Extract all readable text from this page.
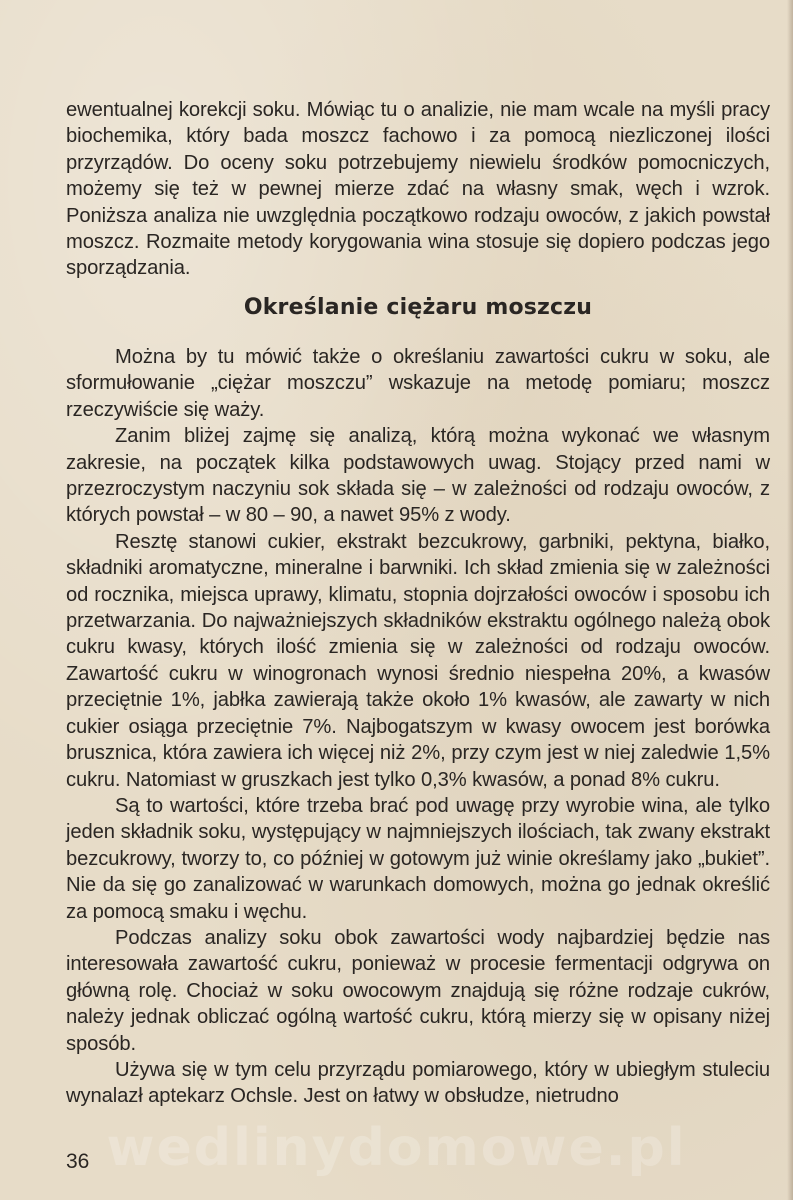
ewentualnej korekcji soku. Mówiąc tu o analizie, nie mam wcale na myśli pracy biochemika, który bada moszcz fachowo i za pomocą niezliczonej ilości przyrządów. Do oceny soku potrzebujemy niewielu środków pomocniczych, możemy się też w pewnej mierze zdać na własny smak, węch i wzrok. Poniższa analiza nie uwzględnia początkowo rodzaju owoców, z jakich powstał moszcz. Rozmaite metody korygowania wina stosuje się dopiero podczas jego sporządzania.

Określanie ciężaru moszczu

Można by tu mówić także o określaniu zawartości cukru w soku, ale sformułowanie „ciężar moszczu” wskazuje na metodę pomiaru; moszcz rzeczywiście się waży.

Zanim bliżej zajmę się analizą, którą można wykonać we własnym zakresie, na początek kilka podstawowych uwag. Stojący przed nami w przezroczystym naczyniu sok składa się – w zależności od rodzaju owoców, z których powstał – w 80 – 90, a nawet 95% z wody.

Resztę stanowi cukier, ekstrakt bezcukrowy, garbniki, pektyna, białko, składniki aromatyczne, mineralne i barwniki. Ich skład zmienia się w zależności od rocznika, miejsca uprawy, klimatu, stopnia dojrzałości owoców i sposobu ich przetwarzania. Do najważniejszych składników ekstraktu ogólnego należą obok cukru kwasy, których ilość zmienia się w zależności od rodzaju owoców. Zawartość cukru w winogronach wynosi średnio niespełna 20%, a kwasów przeciętnie 1%, jabłka zawierają także około 1% kwasów, ale zawarty w nich cukier osiąga przeciętnie 7%. Najbogatszym w kwasy owocem jest borówka brusznica, która zawiera ich więcej niż 2%, przy czym jest w niej zaledwie 1,5% cukru. Natomiast w gruszkach jest tylko 0,3% kwasów, a ponad 8% cukru.

Są to wartości, które trzeba brać pod uwagę przy wyrobie wina, ale tylko jeden składnik soku, występujący w najmniejszych ilościach, tak zwany ekstrakt bezcukrowy, tworzy to, co później w gotowym już winie określamy jako „bukiet”. Nie da się go zanalizować w warunkach domowych, można go jednak określić za pomocą smaku i węchu.

Podczas analizy soku obok zawartości wody najbardziej będzie nas interesowała zawartość cukru, ponieważ w procesie fermentacji odgrywa on główną rolę. Chociaż w soku owocowym znajdują się różne rodzaje cukrów, należy jednak obliczać ogólną wartość cukru, którą mierzy się w opisany niżej sposób.

Używa się w tym celu przyrządu pomiarowego, który w ubiegłym stuleciu wynalazł aptekarz Ochsle. Jest on łatwy w obsłudze, nietrudno

wedlinydomowe.pl
36
